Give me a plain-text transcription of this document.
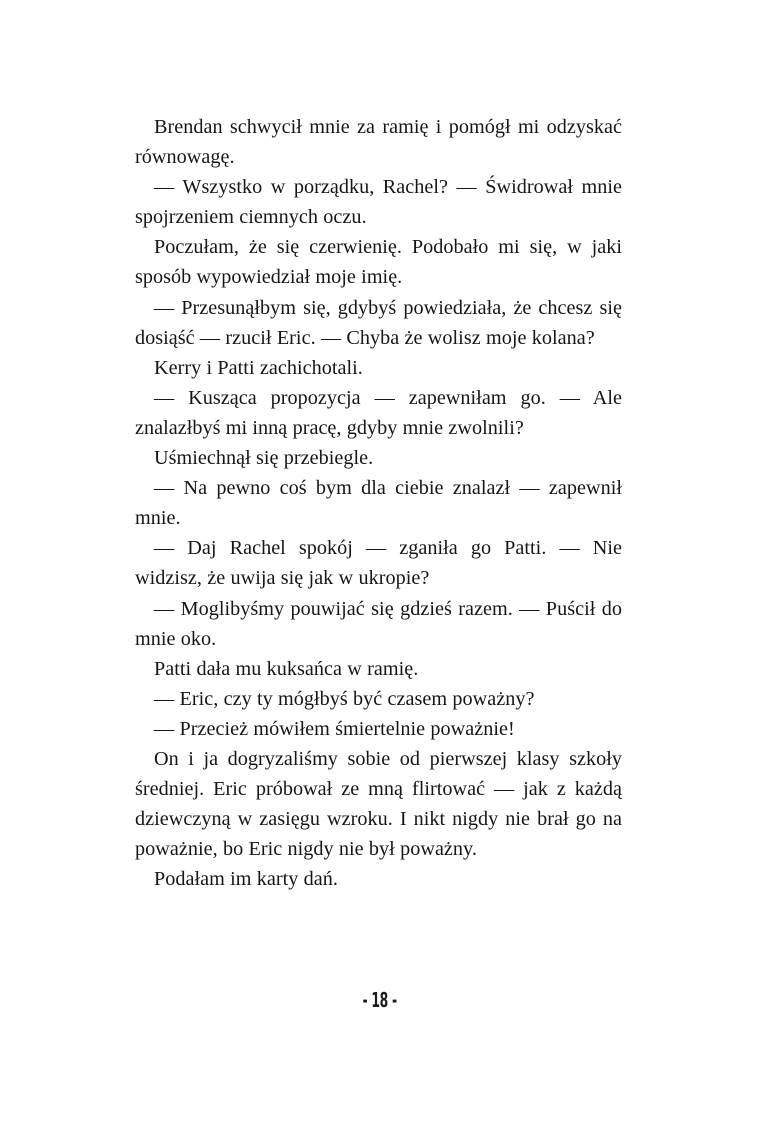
Brendan schwycił mnie za ramię i pomógł mi odzyskać równowagę.

— Wszystko w porządku, Rachel? — Świdrował mnie spojrzeniem ciemnych oczu.

Poczułam, że się czerwienię. Podobało mi się, w jaki sposób wypowiedział moje imię.

— Przesunąłbym się, gdybyś powiedziała, że chcesz się dosiąść — rzucił Eric. — Chyba że wolisz moje kolana?

Kerry i Patti zachichotali.

— Kusząca propozycja — zapewniłam go. — Ale znalazłbyś mi inną pracę, gdyby mnie zwolnili?

Uśmiechnął się przebiegle.

— Na pewno coś bym dla ciebie znalazł — zapewnił mnie.

— Daj Rachel spokój — zganiła go Patti. — Nie widzisz, że uwija się jak w ukropie?

— Moglibyśmy pouwijać się gdzieś razem. — Puścił do mnie oko.

Patti dała mu kuksańca w ramię.

— Eric, czy ty mógłbyś być czasem poważny?

— Przecież mówiłem śmiertelnie poważnie!

On i ja dogryzaliśmy sobie od pierwszej klasy szkoły średniej. Eric próbował ze mną flirtować — jak z każdą dziewczyną w zasięgu wzroku. I nikt nigdy nie brał go na poważnie, bo Eric nigdy nie był poważny.

Podałam im karty dań.

- 18 -
